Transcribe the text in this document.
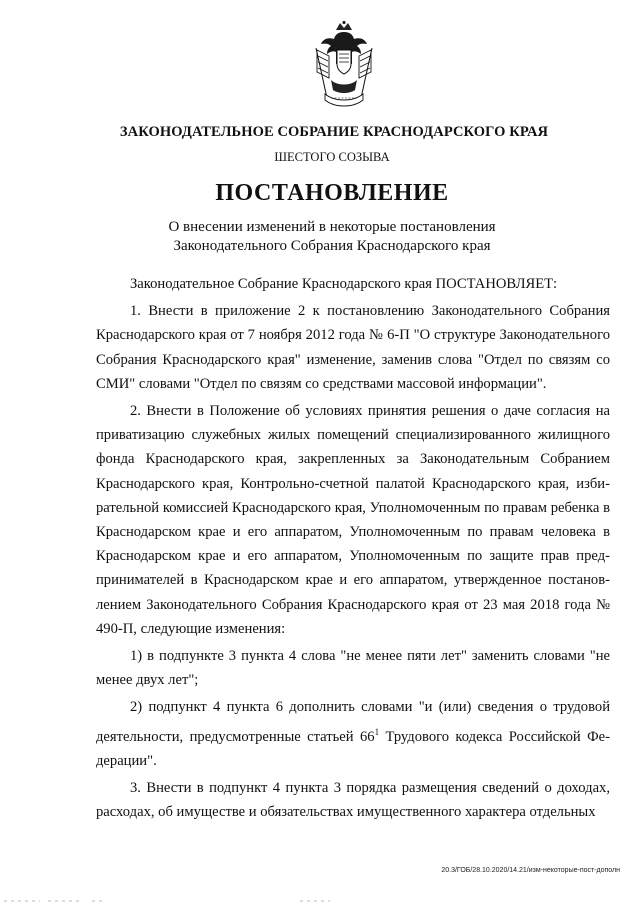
ЗАКОНОДАТЕЛЬНОЕ СОБРАНИЕ КРАСНОДАРСКОГО КРАЯ
ШЕСТОГО СОЗЫВА
ПОСТАНОВЛЕНИЕ
О внесении изменений в некоторые постановления
Законодательного Собрания Краснодарского края

Законодательное Собрание Краснодарского края ПОСТАНОВЛЯЕТ:

1. Внести в приложение 2 к постановлению Законодательного Собрания Краснодарского края от 7 ноября 2012 года № 6-П "О структуре Законодательного Собрания Краснодарского края" изменение, заменив слова "Отдел по связям со СМИ" словами "Отдел по связям со средствами массовой информации".

2. Внести в Положение об условиях принятия решения о даче согласия на приватизацию служебных жилых помещений специализированного жилищного фонда Краснодарского края, закрепленных за Законодательным Собранием Краснодарского края, Контрольно-счетной палатой Краснодарского края, избирательной комиссией Краснодарского края, Уполномоченным по правам ребенка в Краснодарском крае и его аппаратом, Уполномоченным по правам человека в Краснодарском крае и его аппаратом, Уполномоченным по защите прав предпринимателей в Краснодарском крае и его аппаратом, утвержденное постановлением Законодательного Собрания Краснодарского края от 23 мая 2018 года № 490-П, следующие изменения:

1) в подпункте 3 пункта 4 слова "не менее пяти лет" заменить словами "не менее двух лет";

2) подпункт 4 пункта 6 дополнить словами "и (или) сведения о трудовой деятельности, предусмотренные статьей $66^1$ Трудового кодекса Российской Федерации".

3. Внести в подпункт 4 пункта 3 порядка размещения сведений о доходах, расходах, об имуществе и обязательствах имущественного характера отдельных

20.3/ГОБ/28.10.2020/14.21/изм-некоторые-пост-дополн
